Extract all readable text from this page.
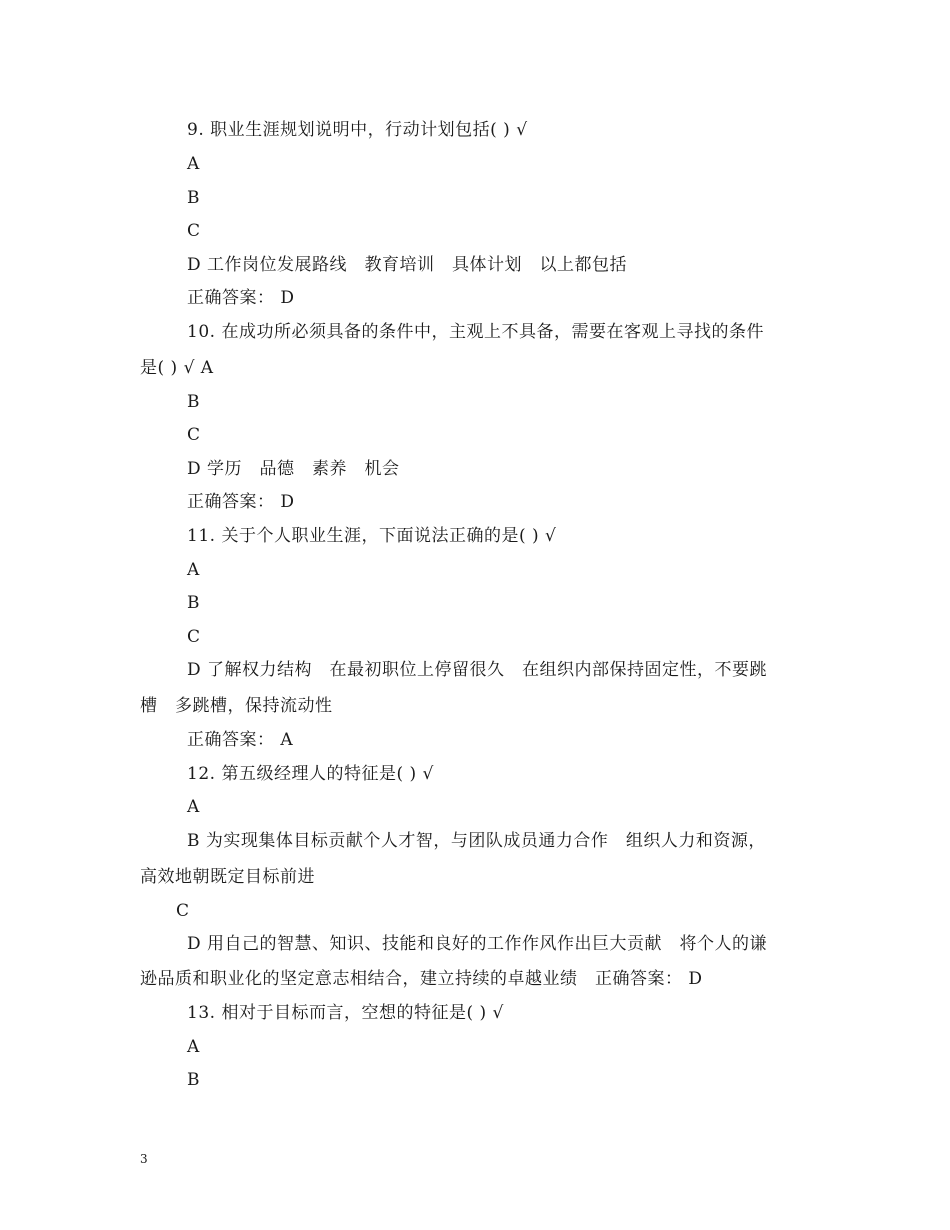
9. 职业生涯规划说明中，行动计划包括( ) √
A
B
C
D 工作岗位发展路线　教育培训　具体计划　以上都包括
正确答案： D
10. 在成功所必须具备的条件中，主观上不具备，需要在客观上寻找的条件
是( ) √ A
B
C
D 学历　品德　素养　机会
正确答案： D
11. 关于个人职业生涯，下面说法正确的是( ) √
A
B
C
D 了解权力结构　在最初职位上停留很久　在组织内部保持固定性，不要跳
槽　多跳槽，保持流动性
正确答案： A
12. 第五级经理人的特征是( ) √
A
B 为实现集体目标贡献个人才智，与团队成员通力合作　组织人力和资源，
高效地朝既定目标前进
C
D 用自己的智慧、知识、技能和良好的工作作风作出巨大贡献　将个人的谦
逊品质和职业化的坚定意志相结合，建立持续的卓越业绩　正确答案： D
13. 相对于目标而言，空想的特征是( ) √
A
B
3
